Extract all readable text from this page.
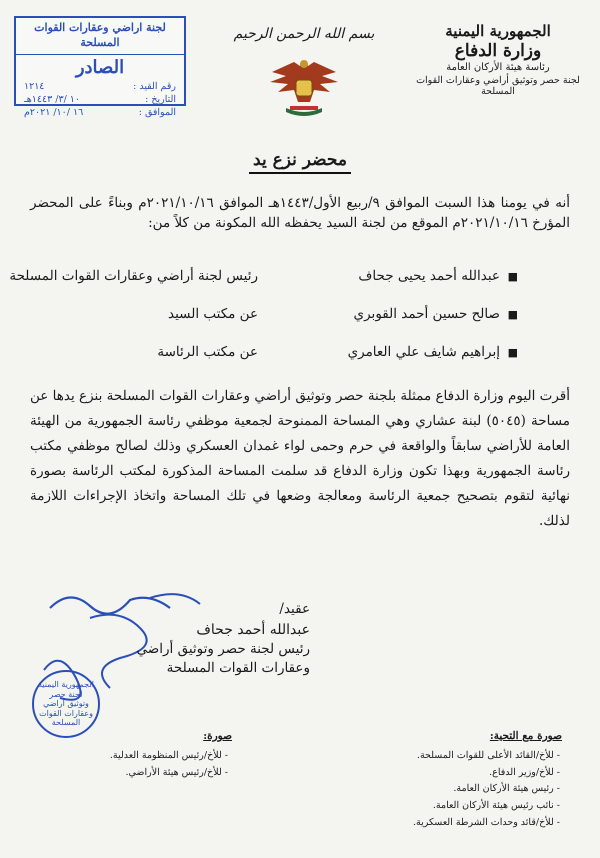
الجمهورية اليمنية
وزارة الدفاع
رئاسة هيئة الأركان العامة
لجنة حصر وتوثيق أراضي وعقارات القوات المسلحة
بسم الله الرحمن الرحيم
لجنة اراضي وعقارات القوات المسلحة
الصادر
رقم القيد :
١٢١٤
التاريخ :
١٠ /٣/ ١٤٤٣هـ
الموافق :
١٦ /١٠/ ٢٠٢١م
محضر نزع يد
أنه في يومنا هذا السبت الموافق ٩/ربيع الأول/١٤٤٣هـ الموافق ٢٠٢١/١٠/١٦م وبناءً على المحضر المؤرخ ٢٠٢١/١٠/١٦م الموقع من لجنة السيد يحفظه الله المكونة من كلاً من:
■
عبدالله أحمد يحيى جحاف
رئيس لجنة أراضي وعقارات القوات المسلحة
■
صالح حسين أحمد القوبري
عن مكتب السيد
■
إبراهيم شايف علي العامري
عن مكتب الرئاسة
أقرت اليوم وزارة الدفاع ممثلة بلجنة حصر وتوثيق أراضي وعقارات القوات المسلحة بنزع يدها عن مساحة (٥٠٤٥) لبنة عشاري وهي المساحة الممنوحة لجمعية موظفي رئاسة الجمهورية من الهيئة العامة للأراضي سابقاً والواقعة في حرم وحمى لواء غمدان العسكري وذلك لصالح موظفي مكتب رئاسة الجمهورية وبهذا تكون وزارة الدفاع قد سلمت المساحة المذكورة لمكتب الرئاسة بصورة نهائية لتقوم بتصحيح جمعية الرئاسة ومعالجة وضعها في تلك المساحة واتخاذ الإجراءات اللازمة لذلك.
عقيد/
عبدالله أحمد جحاف
رئيس لجنة حصر وتوثيق أراضي
وعقارات القوات المسلحة
الجمهورية اليمنية لجنة حصر وتوثيق أراضي وعقارات القوات المسلحة
صورة مع التحية:
- للأخ/القائد الأعلى للقوات المسلحة.
- للأخ/وزير الدفاع.
- رئيس هيئة الأركان العامة.
- نائب رئيس هيئة الأركان العامة.
- للأخ/قائد وحدات الشرطة العسكرية.
صورة:
- للأخ/رئيس المنظومة العدلية.
- للأخ/رئيس هيئة الأراضي.
